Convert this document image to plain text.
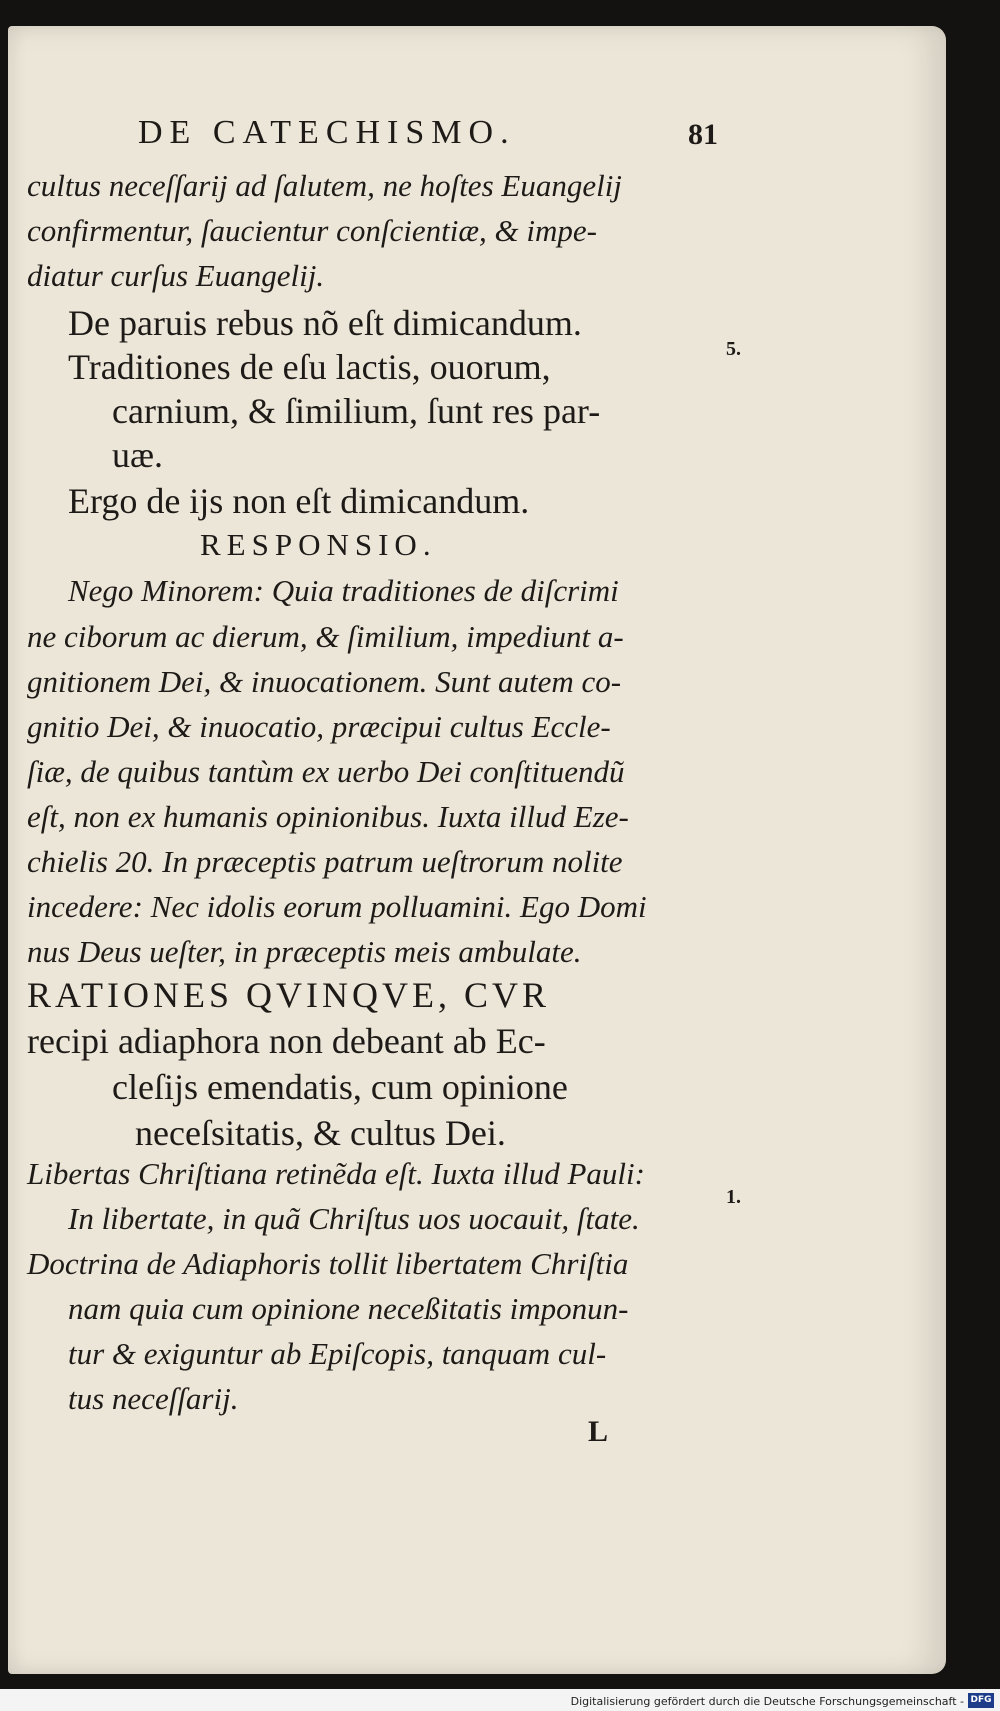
DE CATECHISMO.	81
cultus neceſſarij ad ſalutem, ne hoſtes Euangelij
confirmentur, ſaucientur conſcientiæ, & impe-
diatur curſus Euangelij.
De paruis rebus nõ eſt dimicandum.
Traditiones de eſu lactis, ouorum,
carnium, & ſimilium, ſunt res par-
uæ.
Ergo de ijs non eſt dimicandum.
RESPONSIO.
Nego Minorem: Quia traditiones de diſcrimi
ne ciborum ac dierum, & ſimilium, impediunt a-
gnitionem Dei, & inuocationem. Sunt autem co-
gnitio Dei, & inuocatio, præcipui cultus Eccle-
ſiæ, de quibus tantùm ex uerbo Dei conſtituendũ
eſt, non ex humanis opinionibus. Iuxta illud Eze-
chielis 20. In præceptis patrum ueſtrorum nolite
incedere: Nec idolis eorum polluamini. Ego Domi
nus Deus ueſter, in præceptis meis ambulate.
RATIONES QVINQVE, CVR
recipi adiaphora non debeant ab Ec-
cleſijs emendatis, cum opinione
neceſsitatis, & cultus Dei.
Libertas Chriſtiana retinẽda eſt. Iuxta illud Pauli:
In libertate, in quã Chriſtus uos uocauit, ſtate.
Doctrina de Adiaphoris tollit libertatem Chriſtia
nam quia cum opinione neceßitatis imponun-
tur & exiguntur ab Epiſcopis, tanquam cul-
tus neceſſarij.
L
5.
1.
Digitalisierung gefördert durch die Deutsche Forschungsgemeinschaft - DFG
